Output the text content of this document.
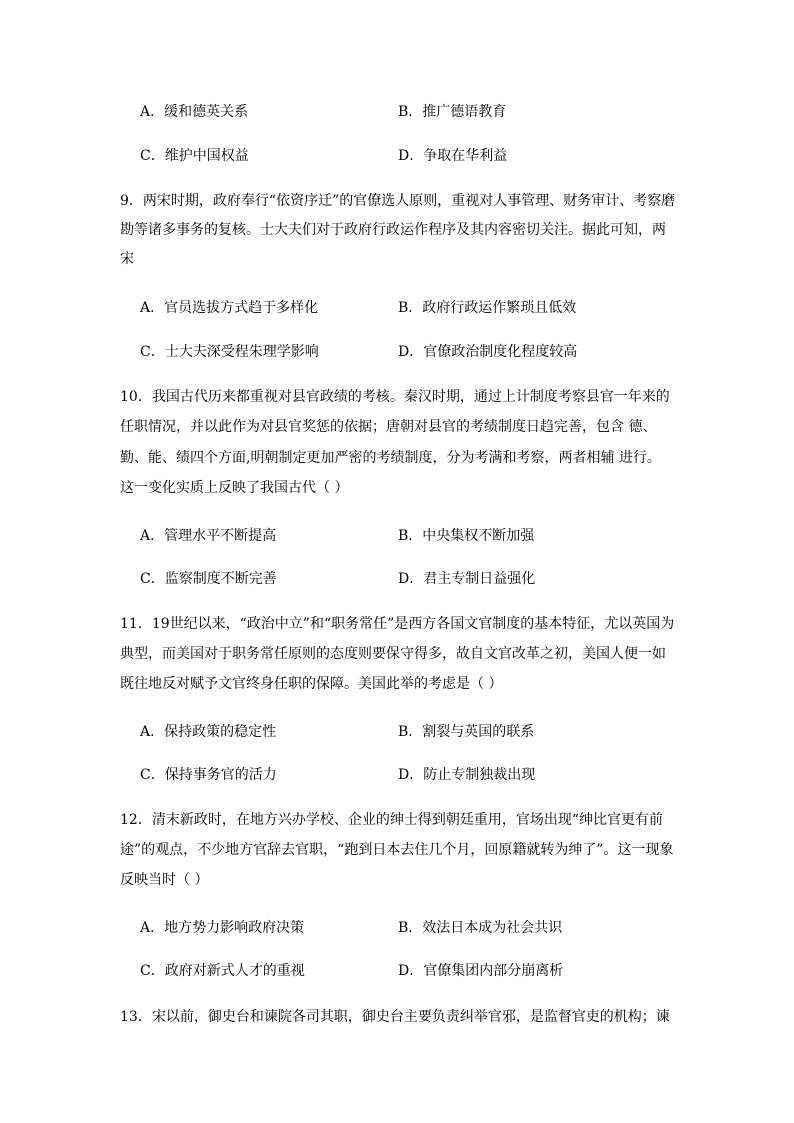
A．缓和德英关系	B．推广德语教育
C．维护中国权益	D．争取在华利益
9．两宋时期，政府奉行“依资序迁”的官僚选人原则，重视对人事管理、财务审计、考察磨
勘等诸多事务的复核。士大夫们对于政府行政运作程序及其内容密切关注。据此可知，两
宋
A．官员选拔方式趋于多样化	B．政府行政运作繁琐且低效
C．士大夫深受程朱理学影响	D．官僚政治制度化程度较高
10．我国古代历来都重视对县官政绩的考核。秦汉时期，通过上计制度考察县官一年来的
任职情况，并以此作为对县官奖惩的依据；唐朝对县官的考绩制度日趋完善，包含 德、
勤、能、绩四个方面,明朝制定更加严密的考绩制度，分为考满和考察，两者相辅 进行。
这一变化实质上反映了我国古代（ ）
A．管理水平不断提高	B．中央集权不断加强
C．监察制度不断完善	D．君主专制日益强化
11．19世纪以来，“政治中立”和“职务常任”是西方各国文官制度的基本特征，尤以英国为
典型，而美国对于职务常任原则的态度则要保守得多，故自文官改革之初，美国人便一如
既往地反对赋予文官终身任职的保障。美国此举的考虑是（ ）
A．保持政策的稳定性	B．割裂与英国的联系
C．保持事务官的活力	D．防止专制独裁出现
12．清末新政时，在地方兴办学校、企业的绅士得到朝廷重用，官场出现“绅比官更有前
途”的观点，不少地方官辞去官职，“跑到日本去住几个月，回原籍就转为绅了”。这一现象
反映当时（ ）
A．地方势力影响政府决策	B．效法日本成为社会共识
C．政府对新式人才的重视	D．官僚集团内部分崩离析
13．宋以前，御史台和谏院各司其职，御史台主要负责纠举官邪，是监督官吏的机构；谏
